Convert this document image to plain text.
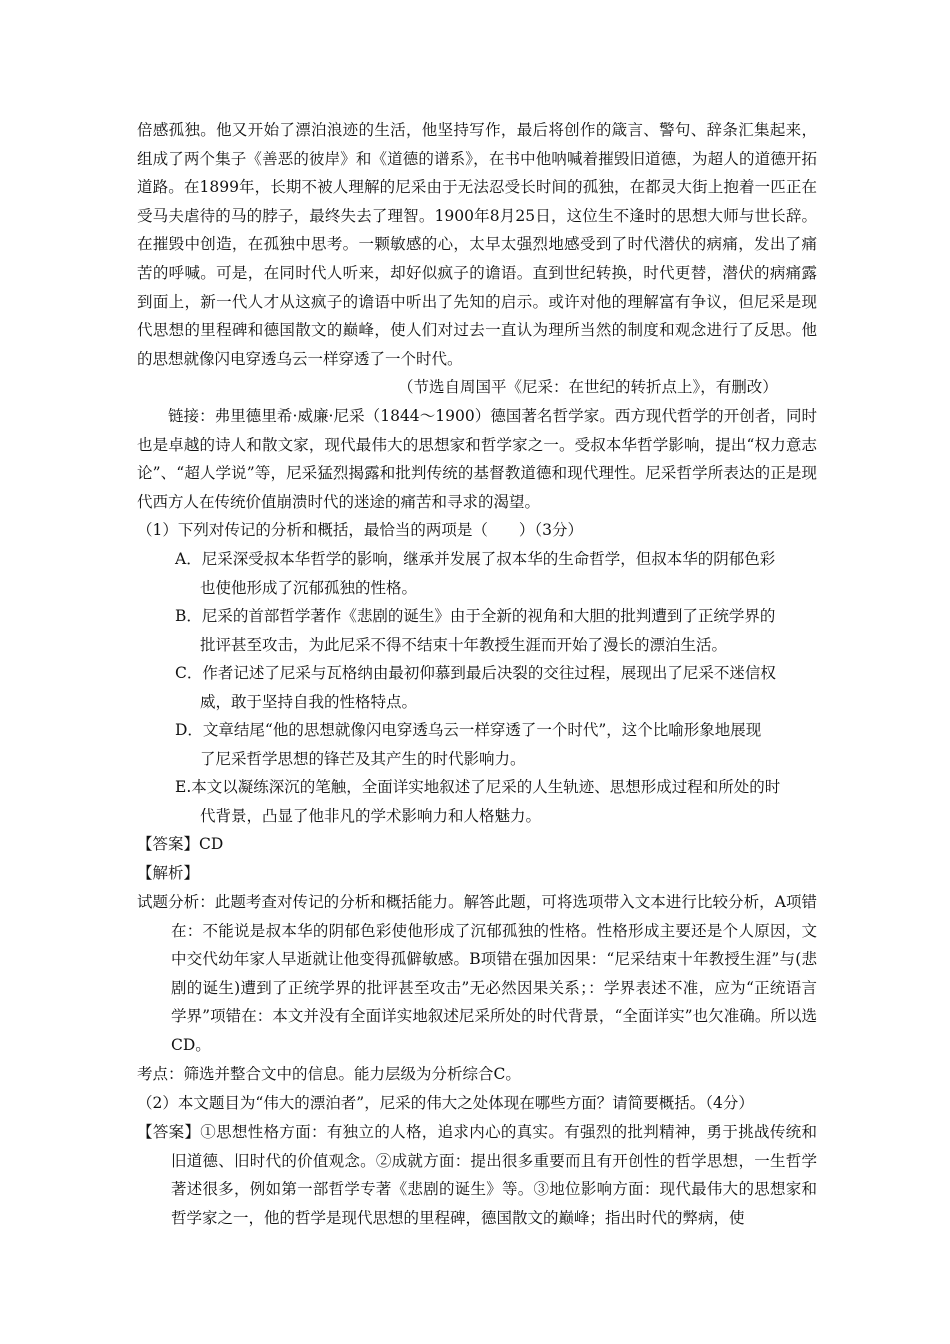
倍感孤独。他又开始了漂泊浪迹的生活，他坚持写作，最后将创作的箴言、警句、辞条汇集起来，组成了两个集子《善恶的彼岸》和《道德的谱系》，在书中他呐喊着摧毁旧道德，为超人的道德开拓道路。在1899年，长期不被人理解的尼采由于无法忍受长时间的孤独，在都灵大街上抱着一匹正在受马夫虐待的马的脖子，最终失去了理智。1900年8月25日，这位生不逢时的思想大师与世长辞。在摧毁中创造，在孤独中思考。一颗敏感的心，太早太强烈地感受到了时代潜伏的病痛，发出了痛苦的呼喊。可是，在同时代人听来，却好似疯子的谵语。直到世纪转换，时代更替，潜伏的病痛露到面上，新一代人才从这疯子的谵语中听出了先知的启示。或许对他的理解富有争议，但尼采是现代思想的里程碑和德国散文的巅峰，使人们对过去一直认为理所当然的制度和观念进行了反思。他的思想就像闪电穿透乌云一样穿透了一个时代。
（节选自周国平《尼采：在世纪的转折点上》，有删改）
链接：弗里德里希·威廉·尼采（1844～1900）德国著名哲学家。西方现代哲学的开创者，同时也是卓越的诗人和散文家，现代最伟大的思想家和哲学家之一。受叔本华哲学影响，提出“权力意志论”、“超人学说”等，尼采猛烈揭露和批判传统的基督教道德和现代理性。尼采哲学所表达的正是现代西方人在传统价值崩溃时代的迷途的痛苦和寻求的渴望。
（1）下列对传记的分析和概括，最恰当的两项是（　　）（3分）
A．尼采深受叔本华哲学的影响，继承并发展了叔本华的生命哲学，但叔本华的阴郁色彩
也使他形成了沉郁孤独的性格。
B．尼采的首部哲学著作《悲剧的诞生》由于全新的视角和大胆的批判遭到了正统学界的
批评甚至攻击，为此尼采不得不结束十年教授生涯而开始了漫长的漂泊生活。
C．作者记述了尼采与瓦格纳由最初仰慕到最后决裂的交往过程，展现出了尼采不迷信权
威，敢于坚持自我的性格特点。
D．文章结尾“他的思想就像闪电穿透乌云一样穿透了一个时代”，这个比喻形象地展现
了尼采哲学思想的锋芒及其产生的时代影响力。
E.本文以凝练深沉的笔触，全面详实地叙述了尼采的人生轨迹、思想形成过程和所处的时
代背景，凸显了他非凡的学术影响力和人格魅力。
【答案】CD
【解析】
试题分析：此题考查对传记的分析和概括能力。解答此题，可将选项带入文本进行比较分析，A项错在：不能说是叔本华的阴郁色彩使他形成了沉郁孤独的性格。性格形成主要还是个人原因，文中交代幼年家人早逝就让他变得孤僻敏感。B项错在强加因果：“尼采结束十年教授生涯”与(悲剧的诞生)遭到了正统学界的批评甚至攻击”无必然因果关系；：学界表述不准，应为“正统语言学界”项错在：本文并没有全面详实地叙述尼采所处的时代背景，“全面详实”也欠准确。所以选CD。
考点：筛选并整合文中的信息。能力层级为分析综合C。
（2）本文题目为“伟大的漂泊者”，尼采的伟大之处体现在哪些方面？请简要概括。（4分）
【答案】①思想性格方面：有独立的人格，追求内心的真实。有强烈的批判精神，勇于挑战传统和旧道德、旧时代的价值观念。②成就方面：提出很多重要而且有开创性的哲学思想，一生哲学著述很多，例如第一部哲学专著《悲剧的诞生》等。③地位影响方面：现代最伟大的思想家和哲学家之一，他的哲学是现代思想的里程碑，德国散文的巅峰；指出时代的弊病，使
